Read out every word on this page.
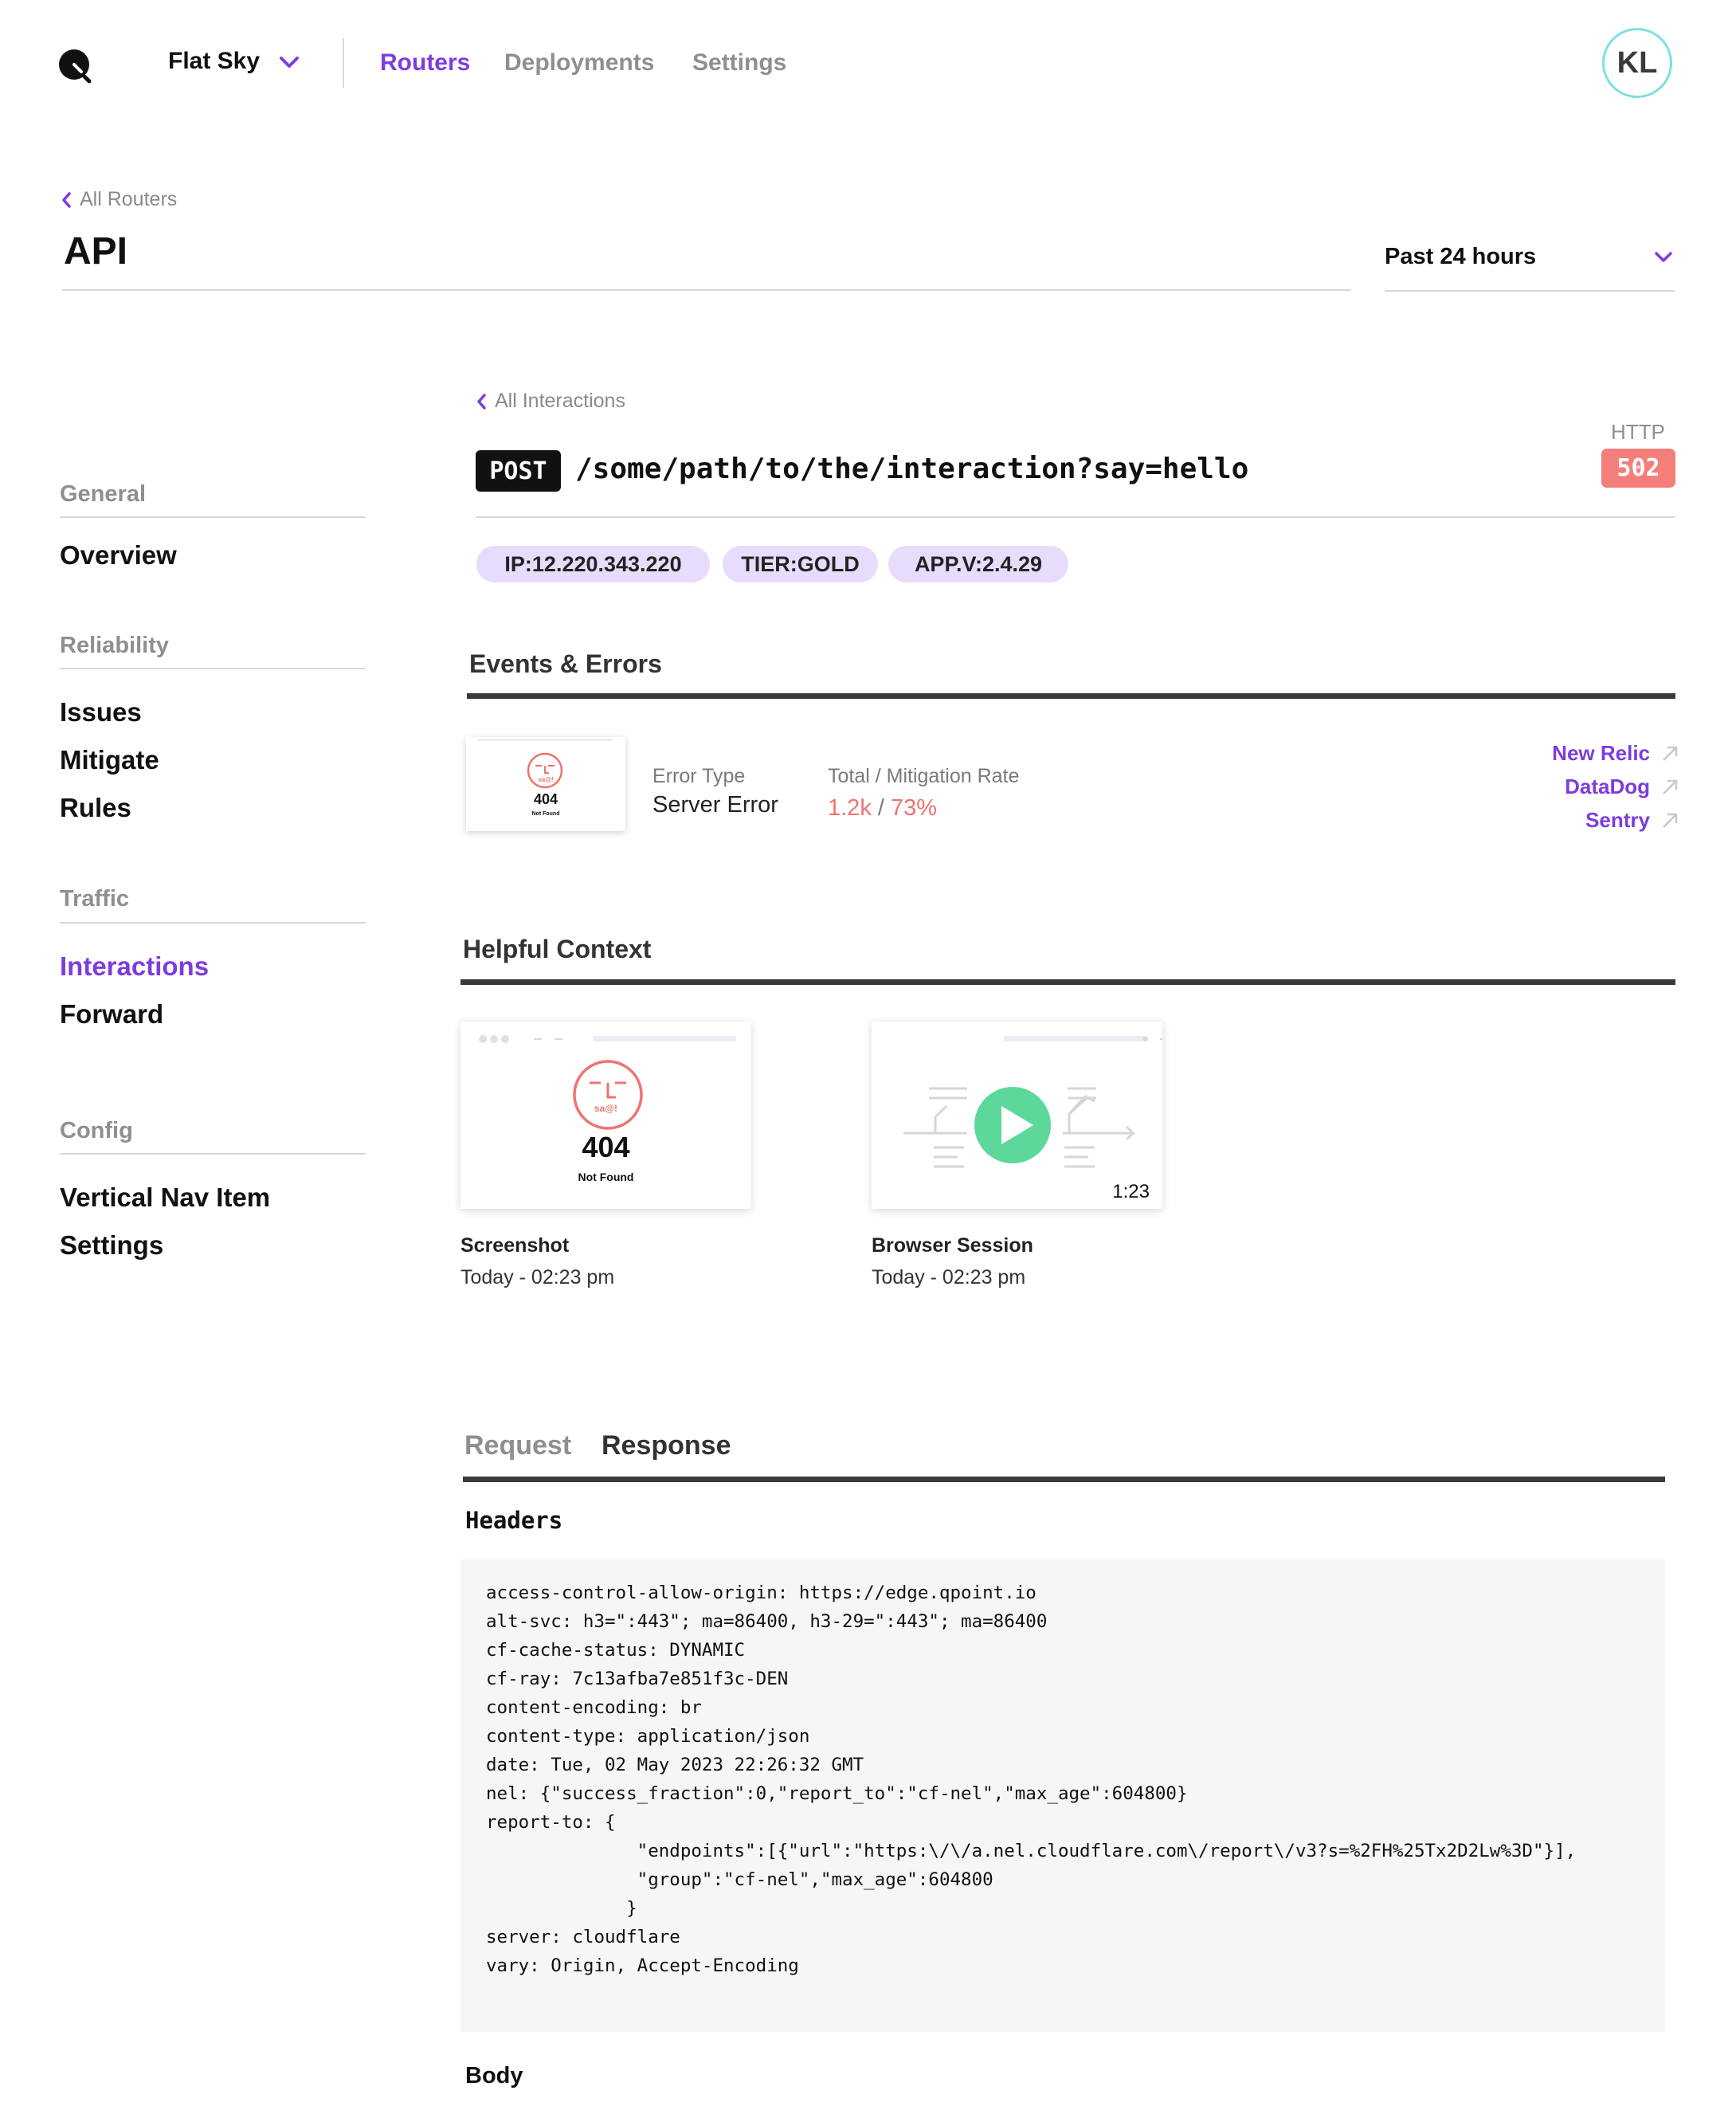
Flat Sky	Routers Deployments Settings	KL
All Routers
API	Past 24 hours
General
Overview
Reliability
Issues
Mitigate
Rules
Traffic
Interactions
Forward
Config
Vertical Nav Item
Settings
All Interactions
POST /some/path/to/the/interaction?say=hello
HTTP
502
IP:12.220.343.220	TIER:GOLD	APP.V:2.4.29
Events & Errors
sa@!
404
Not Found
Error Type
Server Error
Total / Mitigation Rate
1.2k / 73%
New Relic
DataDog
Sentry
Helpful Context
sa@!
404
Not Found
Screenshot
Today - 02:23 pm
1:23
Browser Session
Today - 02:23 pm
Request Response
Headers
access-control-allow-origin: https://edge.qpoint.io
alt-svc: h3=":443"; ma=86400, h3-29=":443"; ma=86400
cf-cache-status: DYNAMIC
cf-ray: 7c13afba7e851f3c-DEN
content-encoding: br
content-type: application/json
date: Tue, 02 May 2023 22:26:32 GMT
nel: {"success_fraction":0,"report_to":"cf-nel","max_age":604800}
report-to: {
"endpoints":[{"url":"https:\/\/a.nel.cloudflare.com\/report\/v3?s=%2FH%25Tx2D2Lw%3D"}],
"group":"cf-nel","max_age":604800
}
server: cloudflare
vary: Origin, Accept-Encoding
Body
